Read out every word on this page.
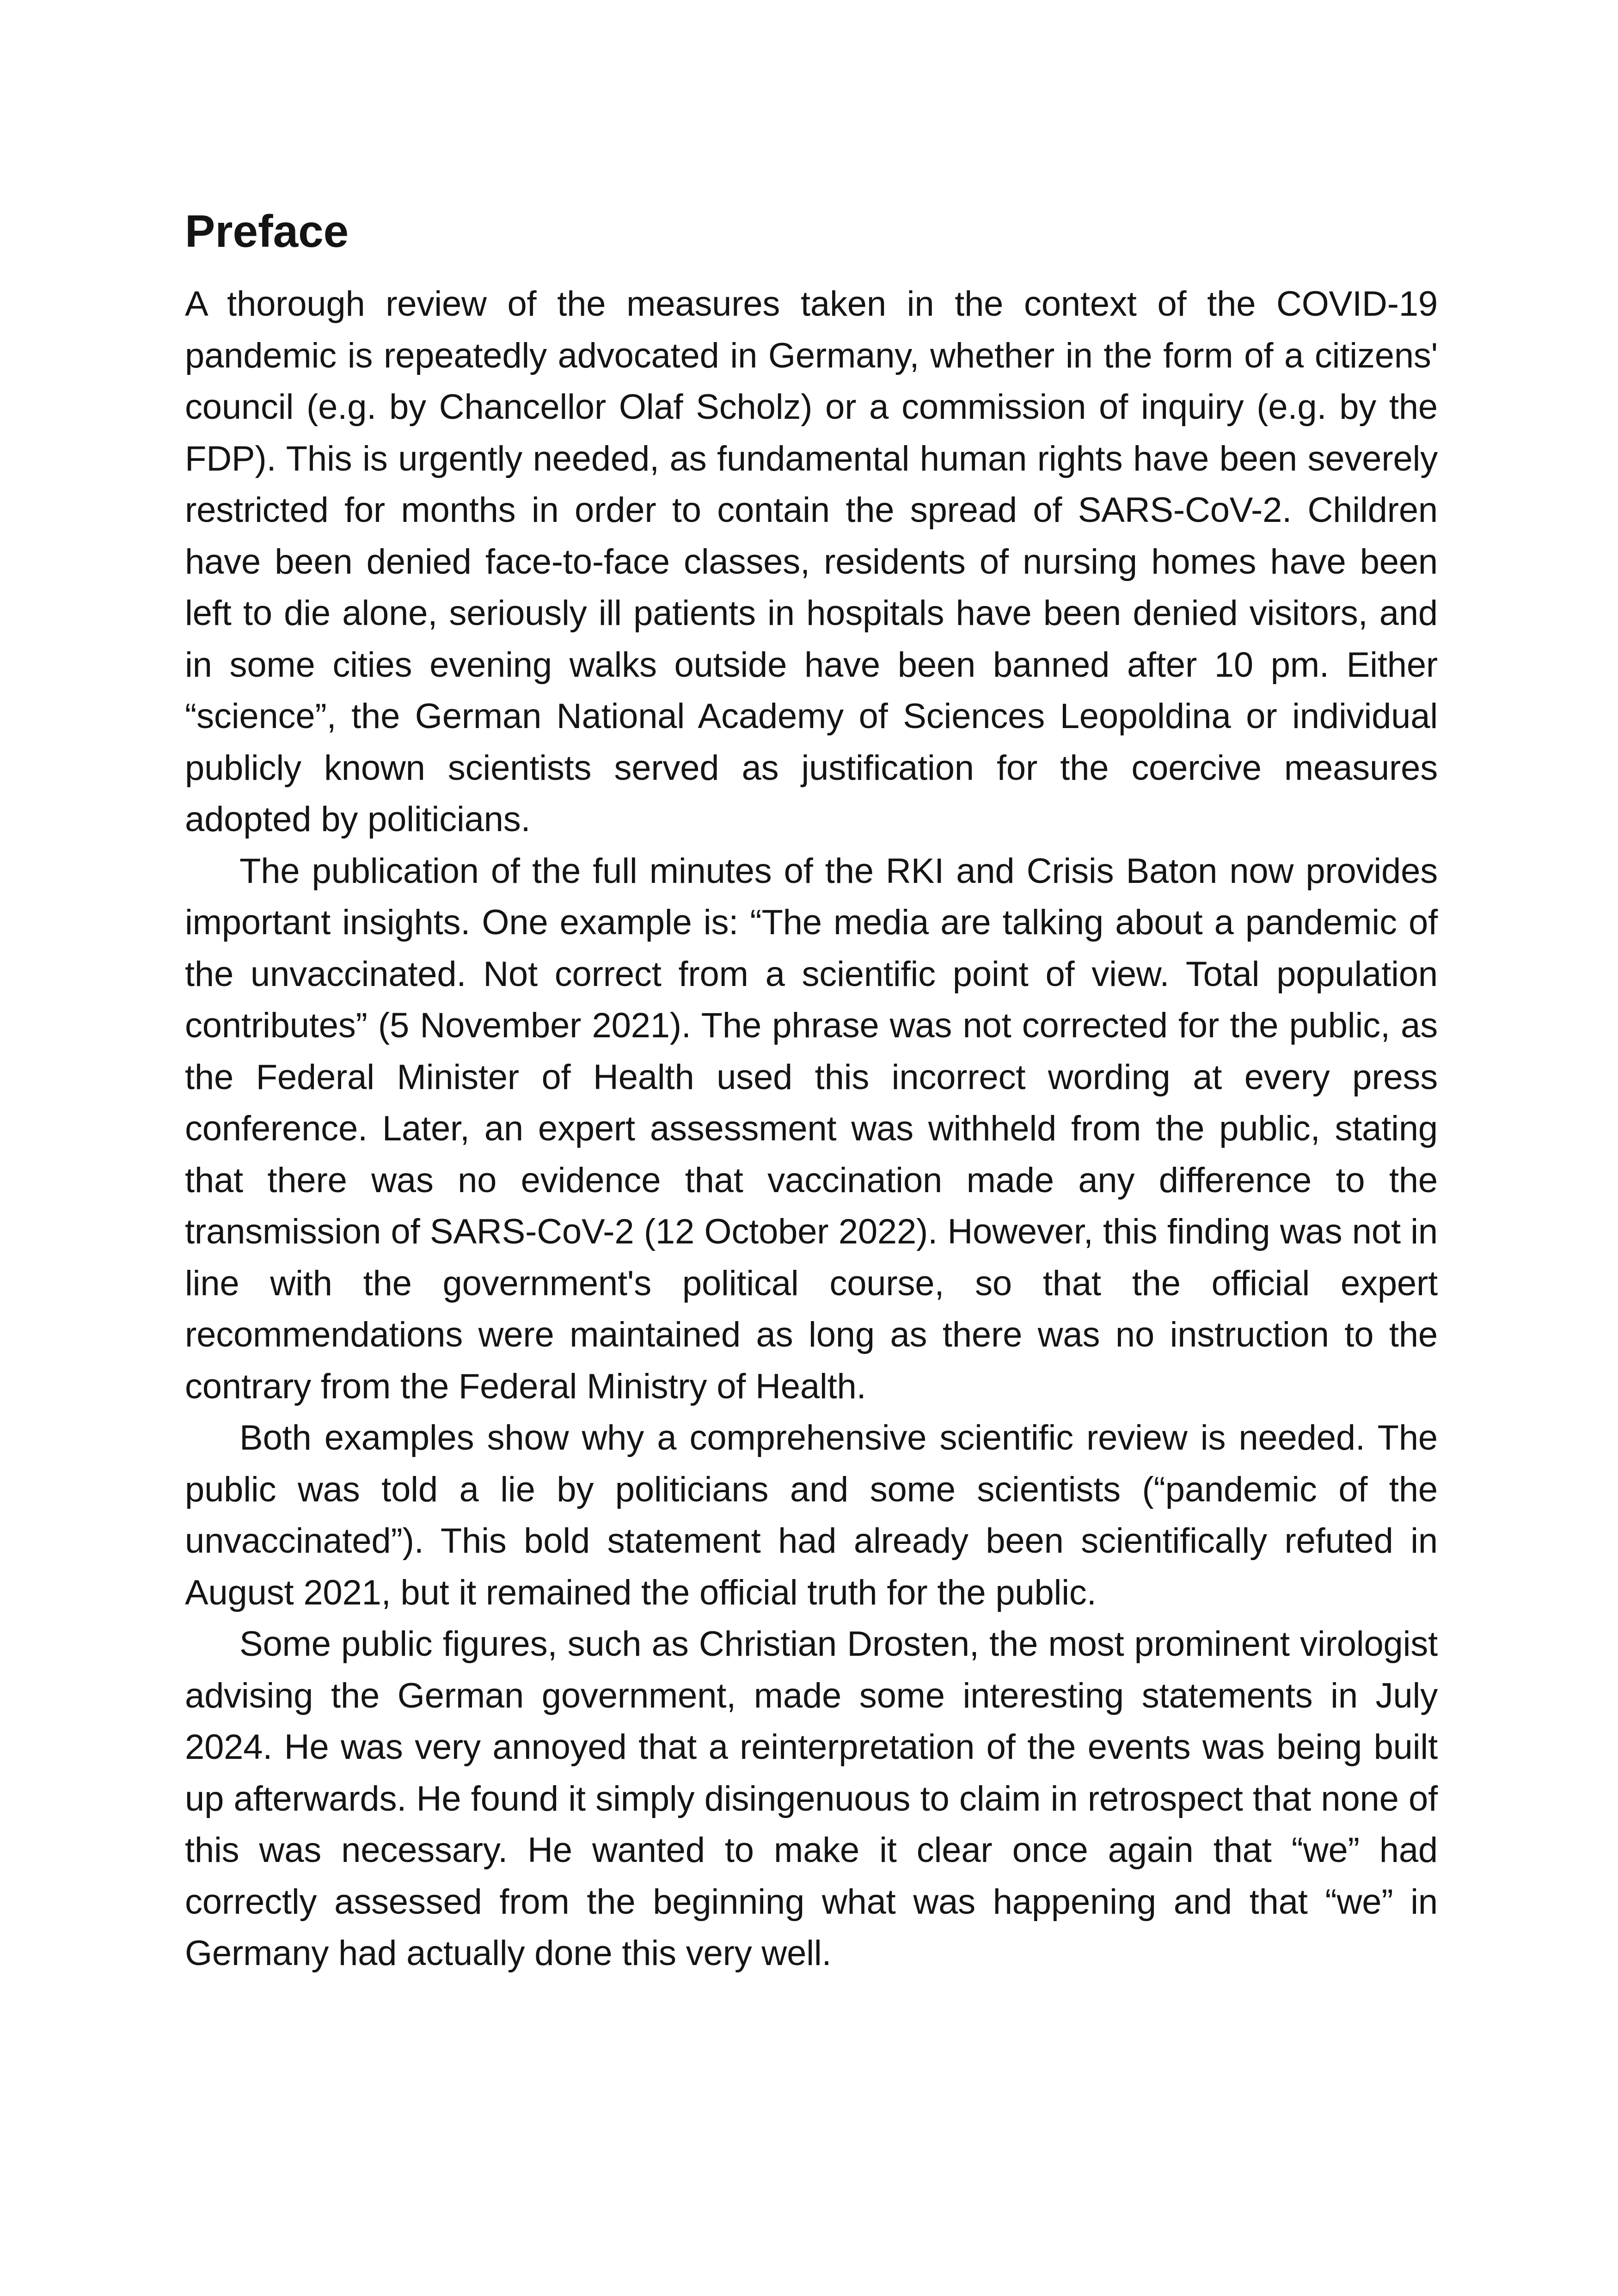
Preface

A thorough review of the measures taken in the context of the COVID-19 pandemic is repeatedly advocated in Germany, whether in the form of a citizens' council (e.g. by Chancellor Olaf Scholz) or a commission of inquiry (e.g. by the FDP). This is urgently needed, as fundamental human rights have been severely restricted for months in order to contain the spread of SARS-CoV-2. Children have been denied face-to-face classes, residents of nursing homes have been left to die alone, seriously ill patients in hospitals have been denied visitors, and in some cities evening walks outside have been banned after 10 pm. Either “science”, the German National Academy of Sciences Leopoldina or individual publicly known scientists served as justification for the coercive measures adopted by politicians.

The publication of the full minutes of the RKI and Crisis Baton now provides important insights. One example is: “The media are talking about a pandemic of the unvaccinated. Not correct from a scientific point of view. Total population contributes” (5 November 2021). The phrase was not corrected for the public, as the Federal Minister of Health used this incorrect wording at every press conference. Later, an expert assessment was withheld from the public, stating that there was no evidence that vaccination made any difference to the transmission of SARS-CoV-2 (12 October 2022). However, this finding was not in line with the government's political course, so that the official expert recommendations were maintained as long as there was no instruction to the contrary from the Federal Ministry of Health.

Both examples show why a comprehensive scientific review is needed. The public was told a lie by politicians and some scientists (“pandemic of the unvaccinated”). This bold statement had already been scientifically refuted in August 2021, but it remained the official truth for the public.

Some public figures, such as Christian Drosten, the most prominent virologist advising the German government, made some interesting statements in July 2024. He was very annoyed that a reinterpretation of the events was being built up afterwards. He found it simply disingenuous to claim in retrospect that none of this was necessary. He wanted to make it clear once again that “we” had correctly assessed from the beginning what was happening and that “we” in Germany had actually done this very well.
